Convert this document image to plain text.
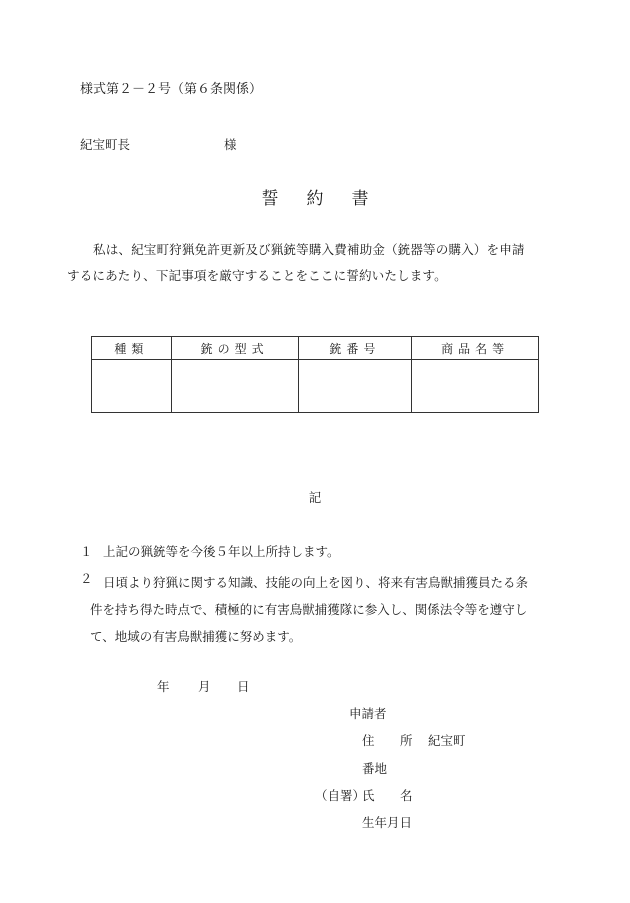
様式第２－２号（第６条関係）
紀宝町長	様
誓 約 書
私は、紀宝町狩猟免許更新及び猟銃等購入費補助金（銃器等の購入）を申請
するにあたり、下記事項を厳守することをここに誓約いたします。
種類	銃の型式	銃番号	商品名等

記
１ 上記の猟銃等を今後５年以上所持します。
２ 日頃より狩猟に関する知識、技能の向上を図り、将来有害鳥獣捕獲員たる条
件を持ち得た時点で、積極的に有害鳥獣捕獲隊に参入し、関係法令等を遵守し
て、地域の有害鳥獣捕獲に努めます。
年 月 日
申請者
住 所 紀宝町
番地
（自署）
氏 名
生年月日
